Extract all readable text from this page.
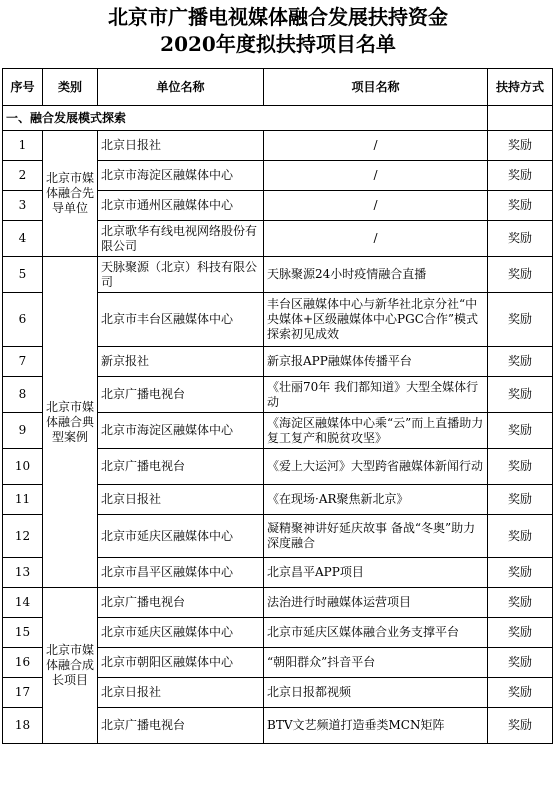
北京市广播电视媒体融合发展扶持资金
2020年度拟扶持项目名单
序号	类别	单位名称	项目名称	扶持方式
一、融合发展模式探索				
1	北京市媒体融合先导单位	北京日报社	/	奖励
2		北京市海淀区融媒体中心	/	奖励
3		北京市通州区融媒体中心	/	奖励
4		北京歌华有线电视网络股份有限公司	/	奖励
5	北京市媒体融合典型案例	天脉聚源（北京）科技有限公司	天脉聚源24小时疫情融合直播	奖励
6		北京市丰台区融媒体中心	丰台区融媒体中心与新华社北京分社“中央媒体+区级融媒体中心PGC合作”模式探索初见成效	奖励
7		新京报社	新京报APP融媒体传播平台	奖励
8		北京广播电视台	《壮丽70年 我们都知道》大型全媒体行动	奖励
9		北京市海淀区融媒体中心	《海淀区融媒体中心乘“云”而上直播助力复工复产和脱贫攻坚》	奖励
10		北京广播电视台	《爱上大运河》大型跨省融媒体新闻行动	奖励
11		北京日报社	《在现场·AR聚焦新北京》	奖励
12		北京市延庆区融媒体中心	凝精聚神讲好延庆故事 备战“冬奥”助力深度融合	奖励
13		北京市昌平区融媒体中心	北京昌平APP项目	奖励
14	北京市媒体融合成长项目	北京广播电视台	法治进行时融媒体运营项目	奖励
15		北京市延庆区融媒体中心	北京市延庆区媒体融合业务支撑平台	奖励
16		北京市朝阳区融媒体中心	“朝阳群众”抖音平台	奖励
17		北京日报社	北京日报都视频	奖励
18		北京广播电视台	BTV文艺频道打造垂类MCN矩阵	奖励
